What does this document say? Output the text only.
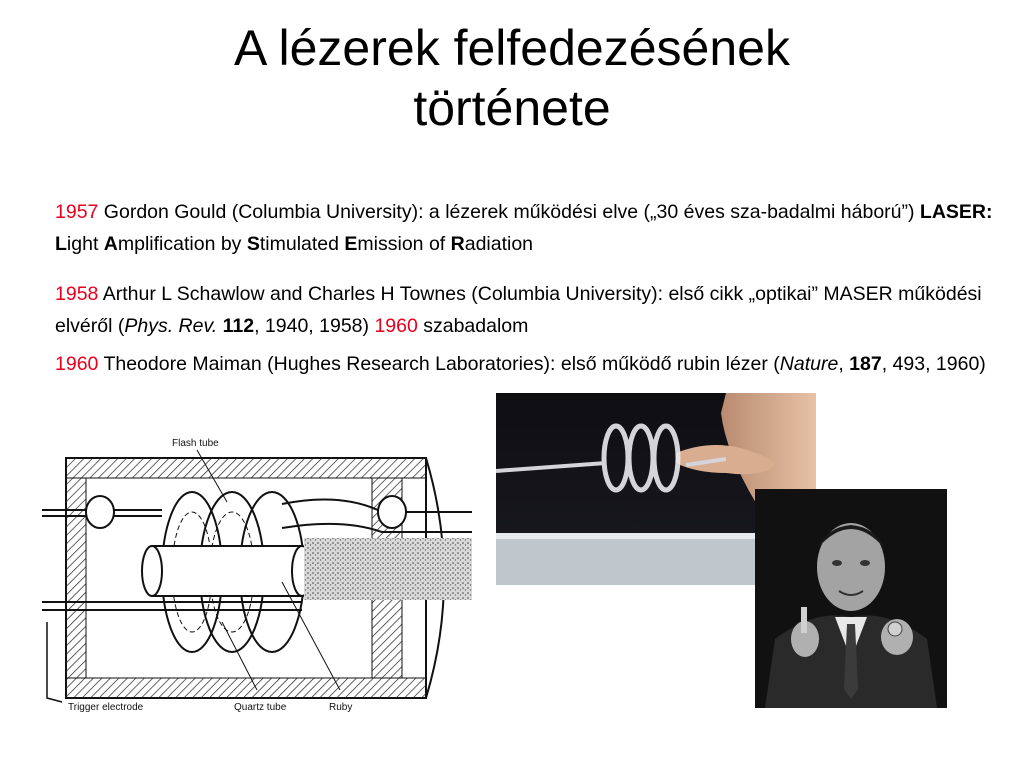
A lézerek felfedezésének
története
1957 Gordon Gould (Columbia University): a lézerek működési elve („30 éves sza-badalmi háború”) LASER: Light Amplification by Stimulated Emission of Radiation
1958 Arthur L Schawlow and Charles H Townes (Columbia University): első cikk „optikai” MASER működési elvéről (Phys. Rev. 112, 1940, 1958) 1960 szabadalom
1960 Theodore Maiman (Hughes Research Laboratories): első működő rubin lézer (Nature, 187, 493, 1960)
Flash tube
Trigger electrode	Quartz tube	Ruby
